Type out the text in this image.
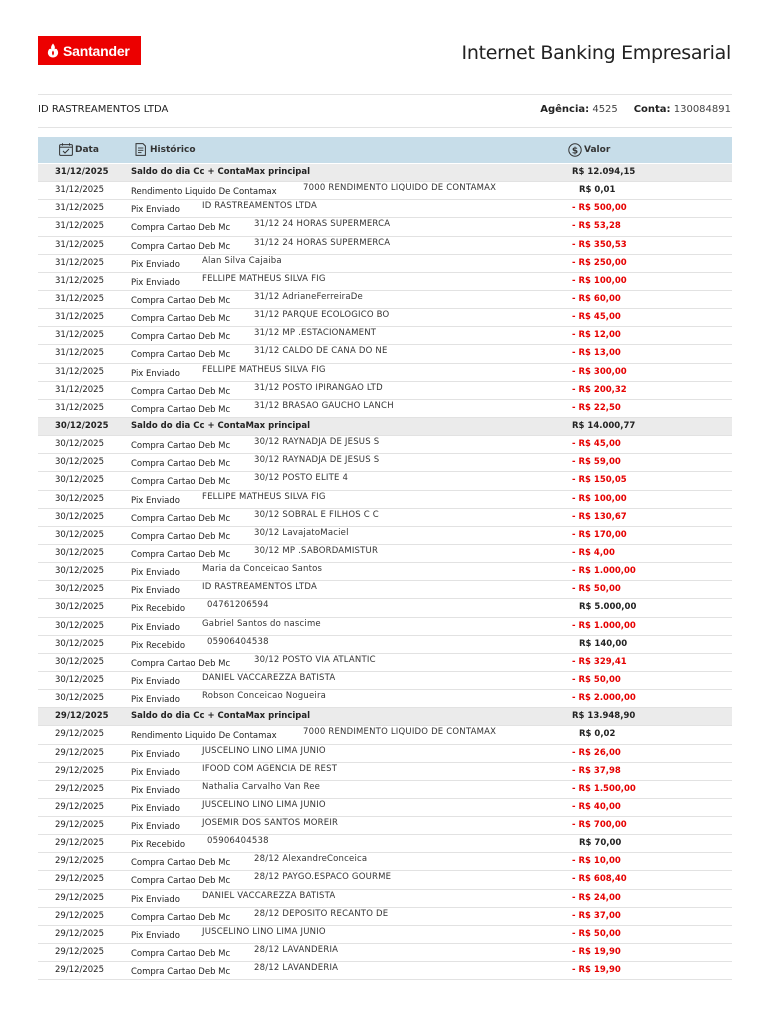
Santander	Internet Banking Empresarial
ID RASTREAMENTOS LTDA	Agência: 4525 Conta: 130084891
Data	Histórico	$ Valor
31/12/2025	Saldo do dia Cc + ContaMax principal	R$ 12.094,15
31/12/2025	Rendimento Liquido De Contamax	7000 RENDIMENTO LIQUIDO DE CONTAMAX	R$ 0,01
31/12/2025	Pix Enviado	ID RASTREAMENTOS LTDA	- R$ 500,00
31/12/2025	Compra Cartao Deb Mc	31/12 24 HORAS SUPERMERCA	- R$ 53,28
31/12/2025	Compra Cartao Deb Mc	31/12 24 HORAS SUPERMERCA	- R$ 350,53
31/12/2025	Pix Enviado	Alan Silva Cajaiba	- R$ 250,00
31/12/2025	Pix Enviado	FELLIPE MATHEUS SILVA FIG	- R$ 100,00
31/12/2025	Compra Cartao Deb Mc	31/12 AdrianeFerreiraDe	- R$ 60,00
31/12/2025	Compra Cartao Deb Mc	31/12 PARQUE ECOLOGICO BO	- R$ 45,00
31/12/2025	Compra Cartao Deb Mc	31/12 MP .ESTACIONAMENT	- R$ 12,00
31/12/2025	Compra Cartao Deb Mc	31/12 CALDO DE CANA DO NE	- R$ 13,00
31/12/2025	Pix Enviado	FELLIPE MATHEUS SILVA FIG	- R$ 300,00
31/12/2025	Compra Cartao Deb Mc	31/12 POSTO IPIRANGAO LTD	- R$ 200,32
31/12/2025	Compra Cartao Deb Mc	31/12 BRASAO GAUCHO LANCH	- R$ 22,50
30/12/2025	Saldo do dia Cc + ContaMax principal	R$ 14.000,77
30/12/2025	Compra Cartao Deb Mc	30/12 RAYNADJA DE JESUS S	- R$ 45,00
30/12/2025	Compra Cartao Deb Mc	30/12 RAYNADJA DE JESUS S	- R$ 59,00
30/12/2025	Compra Cartao Deb Mc	30/12 POSTO ELITE 4	- R$ 150,05
30/12/2025	Pix Enviado	FELLIPE MATHEUS SILVA FIG	- R$ 100,00
30/12/2025	Compra Cartao Deb Mc	30/12 SOBRAL E FILHOS C C	- R$ 130,67
30/12/2025	Compra Cartao Deb Mc	30/12 LavajatoMaciel	- R$ 170,00
30/12/2025	Compra Cartao Deb Mc	30/12 MP .SABORDAMISTUR	- R$ 4,00
30/12/2025	Pix Enviado	Maria da Conceicao Santos	- R$ 1.000,00
30/12/2025	Pix Enviado	ID RASTREAMENTOS LTDA	- R$ 50,00
30/12/2025	Pix Recebido	04761206594	R$ 5.000,00
30/12/2025	Pix Enviado	Gabriel Santos do nascime	- R$ 1.000,00
30/12/2025	Pix Recebido	05906404538	R$ 140,00
30/12/2025	Compra Cartao Deb Mc	30/12 POSTO VIA ATLANTIC	- R$ 329,41
30/12/2025	Pix Enviado	DANIEL VACCAREZZA BATISTA	- R$ 50,00
30/12/2025	Pix Enviado	Robson Conceicao Nogueira	- R$ 2.000,00
29/12/2025	Saldo do dia Cc + ContaMax principal	R$ 13.948,90
29/12/2025	Rendimento Liquido De Contamax	7000 RENDIMENTO LIQUIDO DE CONTAMAX	R$ 0,02
29/12/2025	Pix Enviado	JUSCELINO LINO LIMA JUNIO	- R$ 26,00
29/12/2025	Pix Enviado	IFOOD COM AGENCIA DE REST	- R$ 37,98
29/12/2025	Pix Enviado	Nathalia Carvalho Van Ree	- R$ 1.500,00
29/12/2025	Pix Enviado	JUSCELINO LINO LIMA JUNIO	- R$ 40,00
29/12/2025	Pix Enviado	JOSEMIR DOS SANTOS MOREIR	- R$ 700,00
29/12/2025	Pix Recebido	05906404538	R$ 70,00
29/12/2025	Compra Cartao Deb Mc	28/12 AlexandreConceica	- R$ 10,00
29/12/2025	Compra Cartao Deb Mc	28/12 PAYGO.ESPACO GOURME	- R$ 608,40
29/12/2025	Pix Enviado	DANIEL VACCAREZZA BATISTA	- R$ 24,00
29/12/2025	Compra Cartao Deb Mc	28/12 DEPOSITO RECANTO DE	- R$ 37,00
29/12/2025	Pix Enviado	JUSCELINO LINO LIMA JUNIO	- R$ 50,00
29/12/2025	Compra Cartao Deb Mc	28/12 LAVANDERIA	- R$ 19,90
29/12/2025	Compra Cartao Deb Mc	28/12 LAVANDERIA	- R$ 19,90
